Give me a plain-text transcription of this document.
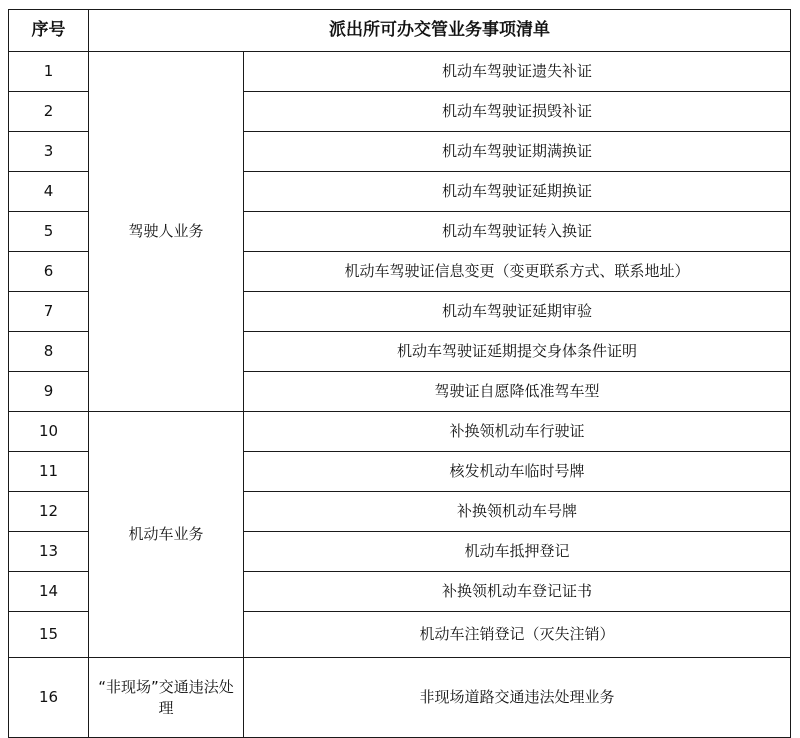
序号	派出所可办交管业务事项清单	
1	驾驶人业务	机动车驾驶证遗失补证
2		机动车驾驶证损毁补证
3		机动车驾驶证期满换证
4		机动车驾驶证延期换证
5		机动车驾驶证转入换证
6		机动车驾驶证信息变更（变更联系方式、联系地址）
7		机动车驾驶证延期审验
8		机动车驾驶证延期提交身体条件证明
9		驾驶证自愿降低准驾车型
10	机动车业务	补换领机动车行驶证
11		核发机动车临时号牌
12		补换领机动车号牌
13		机动车抵押登记
14		补换领机动车登记证书
15		机动车注销登记（灭失注销）
16	“非现场”交通违法处理	非现场道路交通违法处理业务
